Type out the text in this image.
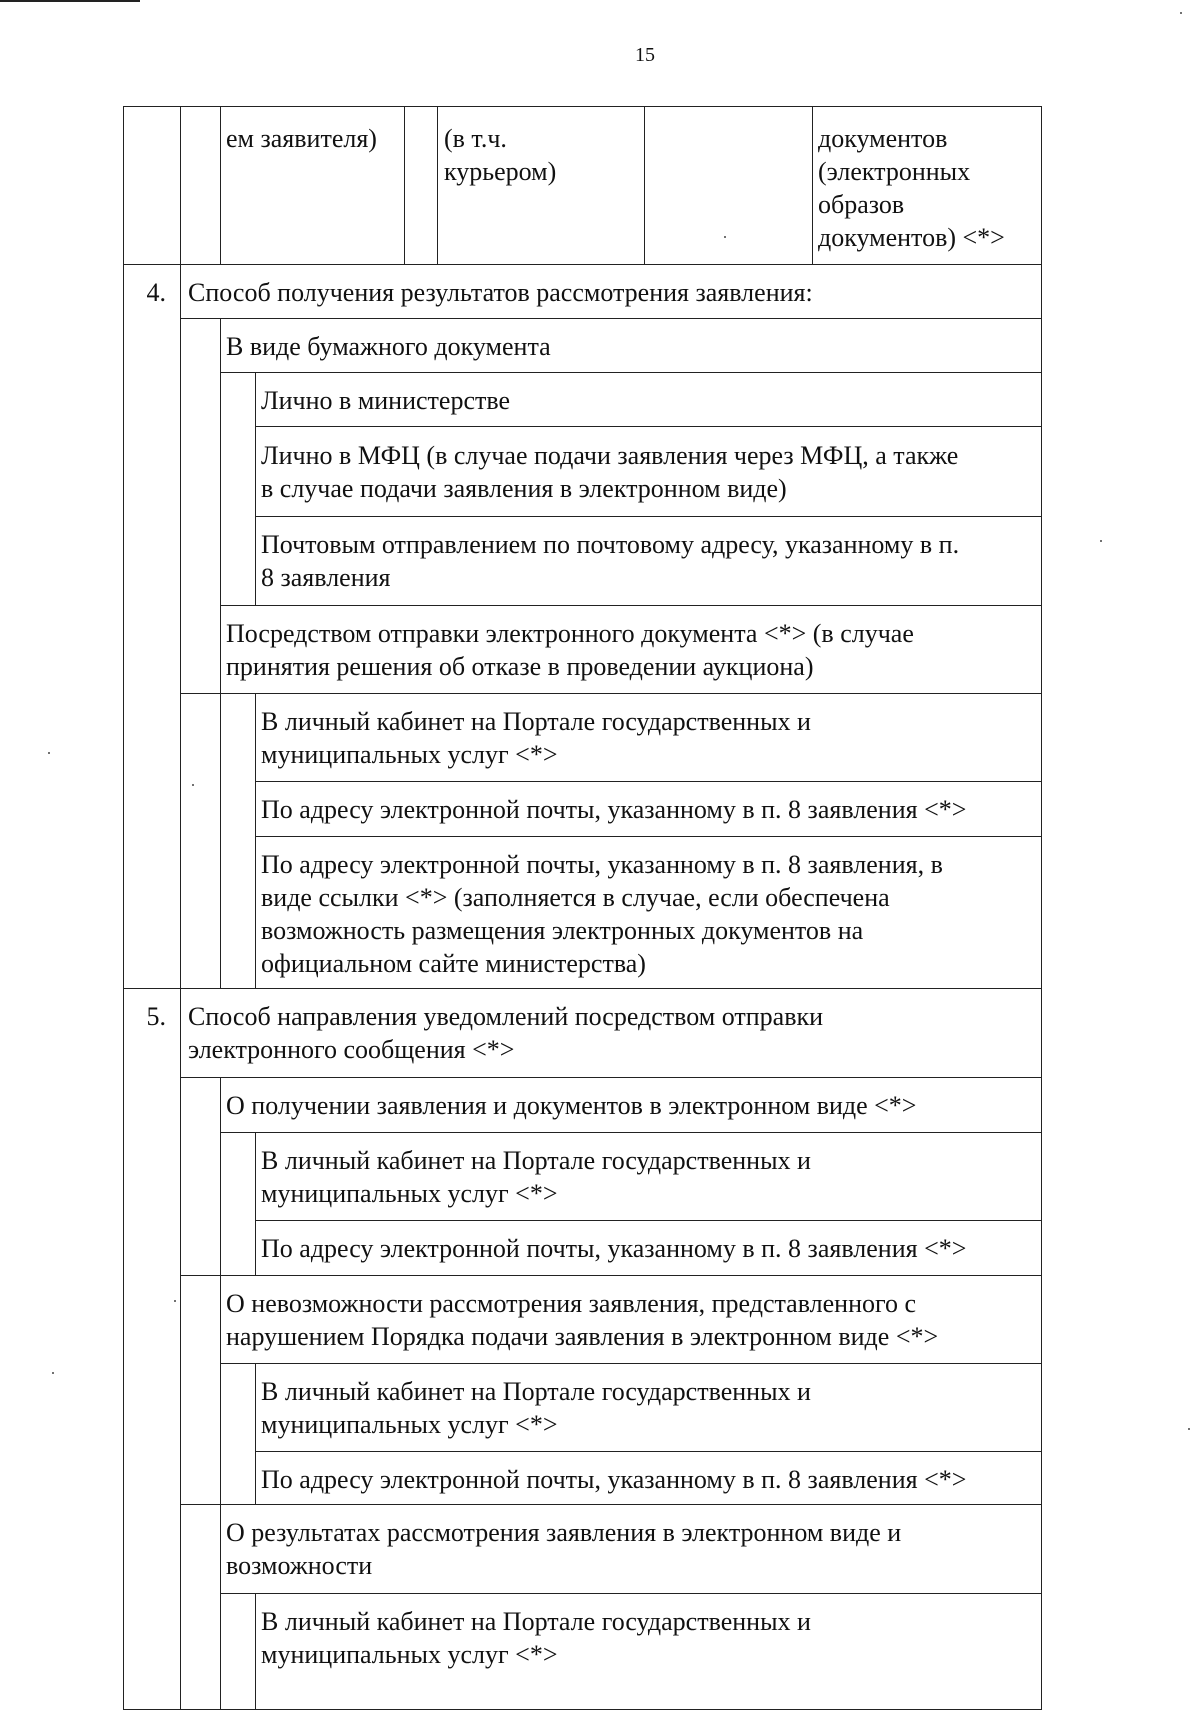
15

ем заявителя)	(в т.ч.
курьером)

документов
(электронных
образов
документов) <*>

4. Способ получения результатов рассмотрения заявления:

В виде бумажного документа

Лично в министерстве

Лично в МФЦ (в случае подачи заявления через МФЦ, а также
в случае подачи заявления в электронном виде)

Почтовым отправлением по почтовому адресу, указанному в п.
8 заявления

Посредством отправки электронного документа <*> (в случае
принятия решения об отказе в проведении аукциона)

В личный кабинет на Портале государственных и
муниципальных услуг <*>

По адресу электронной почты, указанному в п. 8 заявления <*>

По адресу электронной почты, указанному в п. 8 заявления, в
виде ссылки <*> (заполняется в случае, если обеспечена
возможность размещения электронных документов на
официальном сайте министерства)

5. Способ направления уведомлений посредством отправки
электронного сообщения <*>

О получении заявления и документов в электронном виде <*>

В личный кабинет на Портале государственных и
муниципальных услуг <*>

По адресу электронной почты, указанному в п. 8 заявления <*>

О невозможности рассмотрения заявления, представленного с
нарушением Порядка подачи заявления в электронном виде <*>

В личный кабинет на Портале государственных и
муниципальных услуг <*>

По адресу электронной почты, указанному в п. 8 заявления <*>

О результатах рассмотрения заявления в электронном виде и
возможности

В личный кабинет на Портале государственных и
муниципальных услуг <*>
